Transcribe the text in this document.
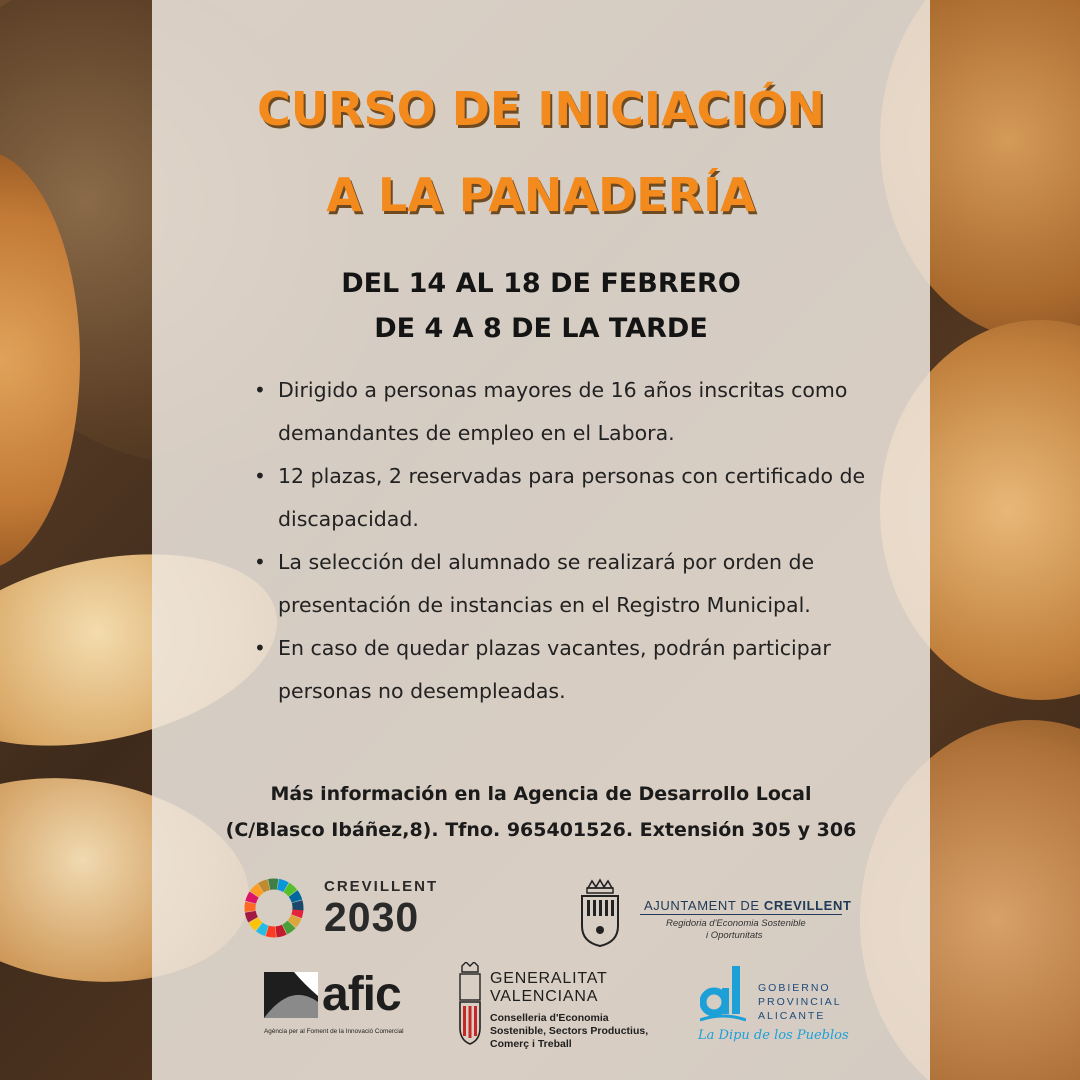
CURSO DE INICIACIÓN
A LA PANADERÍA
DEL 14 AL 18 DE FEBRERO
DE 4 A 8 DE LA TARDE
• Dirigido a personas mayores de 16 años inscritas como demandantes de empleo en el Labora.
• 12 plazas, 2 reservadas para personas con certificado de discapacidad.
• La selección del alumnado se realizará por orden de presentación de instancias en el Registro Municipal.
• En caso de quedar plazas vacantes, podrán participar personas no desempleadas.
Más información en la Agencia de Desarrollo Local
(C/Blasco Ibáñez,8). Tfno. 965401526. Extensión 305 y 306
CREVILLENT
2030	AJUNTAMENT DE CREVILLENT
Regidoria d'Economia Sostenible
i Oportunitats
afic
Agència per al Foment de la Innovació Comercial
GENERALITAT
VALENCIANA
Conselleria d'Economia
Sostenible, Sectors Productius,
Comerç i Treball
GOBIERNO
PROVINCIAL
ALICANTE
La Dipu de los Pueblos
